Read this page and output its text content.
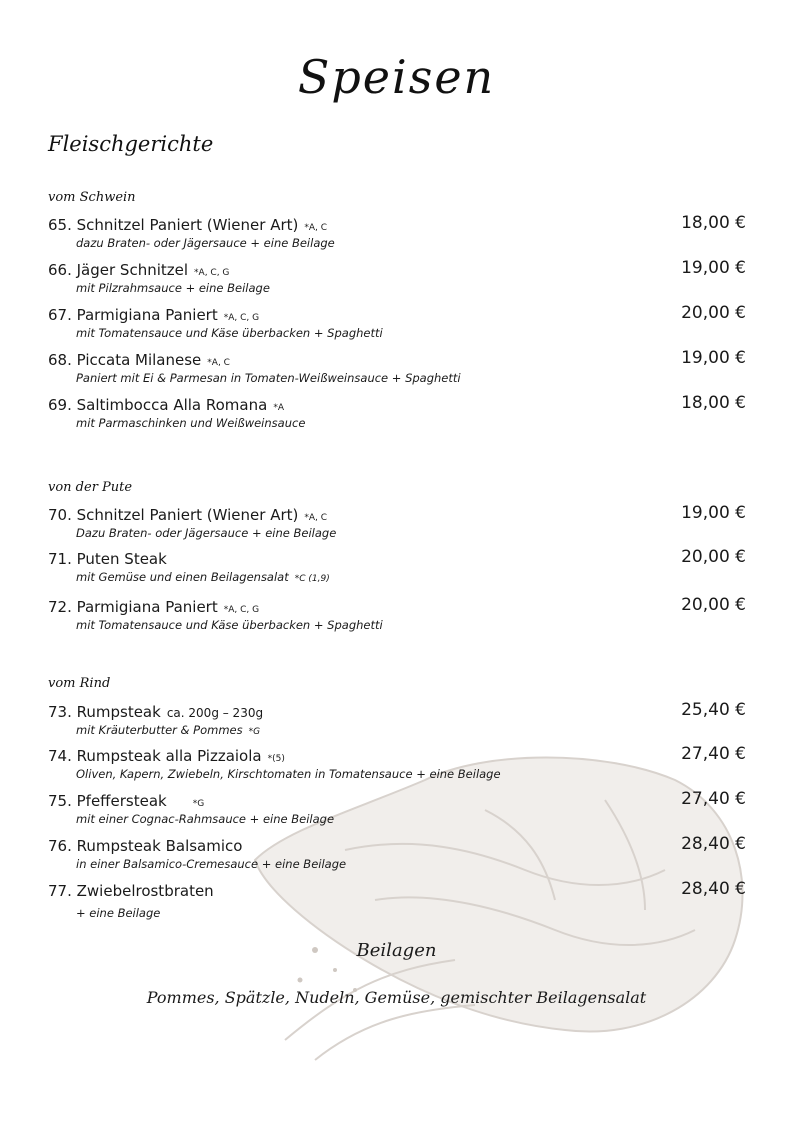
Speisen
Fleischgerichte
vom Schwein
65. Schnitzel Paniert (Wiener Art) *A, C
dazu Braten- oder Jägersauce + eine Beilage
18,00 €
66. Jäger Schnitzel *A, C, G
mit Pilzrahmsauce + eine Beilage
19,00 €
67. Parmigiana Paniert *A, C, G
mit Tomatensauce und Käse überbacken + Spaghetti
20,00 €
68. Piccata Milanese *A, C
Paniert mit Ei & Parmesan in Tomaten-Weißweinsauce + Spaghetti
19,00 €
69. Saltimbocca Alla Romana *A
mit Parmaschinken und Weißweinsauce
18,00 €
von der Pute
70. Schnitzel Paniert (Wiener Art) *A, C
Dazu Braten- oder Jägersauce + eine Beilage
19,00 €
71. Puten Steak
mit Gemüse und einen Beilagensalat *C (1,9)
20,00 €
72. Parmigiana Paniert *A, C, G
mit Tomatensauce und Käse überbacken + Spaghetti
20,00 €
vom Rind
73. Rumpsteak ca. 200g – 230g
mit Kräuterbutter & Pommes *G
25,40 €
74. Rumpsteak alla Pizzaiola *(5)
Oliven, Kapern, Zwiebeln, Kirschtomaten in Tomatensauce + eine Beilage
27,40 €
75. Pfeffersteak	*G
mit einer Cognac-Rahmsauce + eine Beilage
27,40 €
76. Rumpsteak Balsamico
in einer Balsamico-Cremesauce + eine Beilage
28,40 €
77. Zwiebelrostbraten
+ eine Beilage
28,40 €
Beilagen
Pommes, Spätzle, Nudeln, Gemüse, gemischter Beilagensalat
